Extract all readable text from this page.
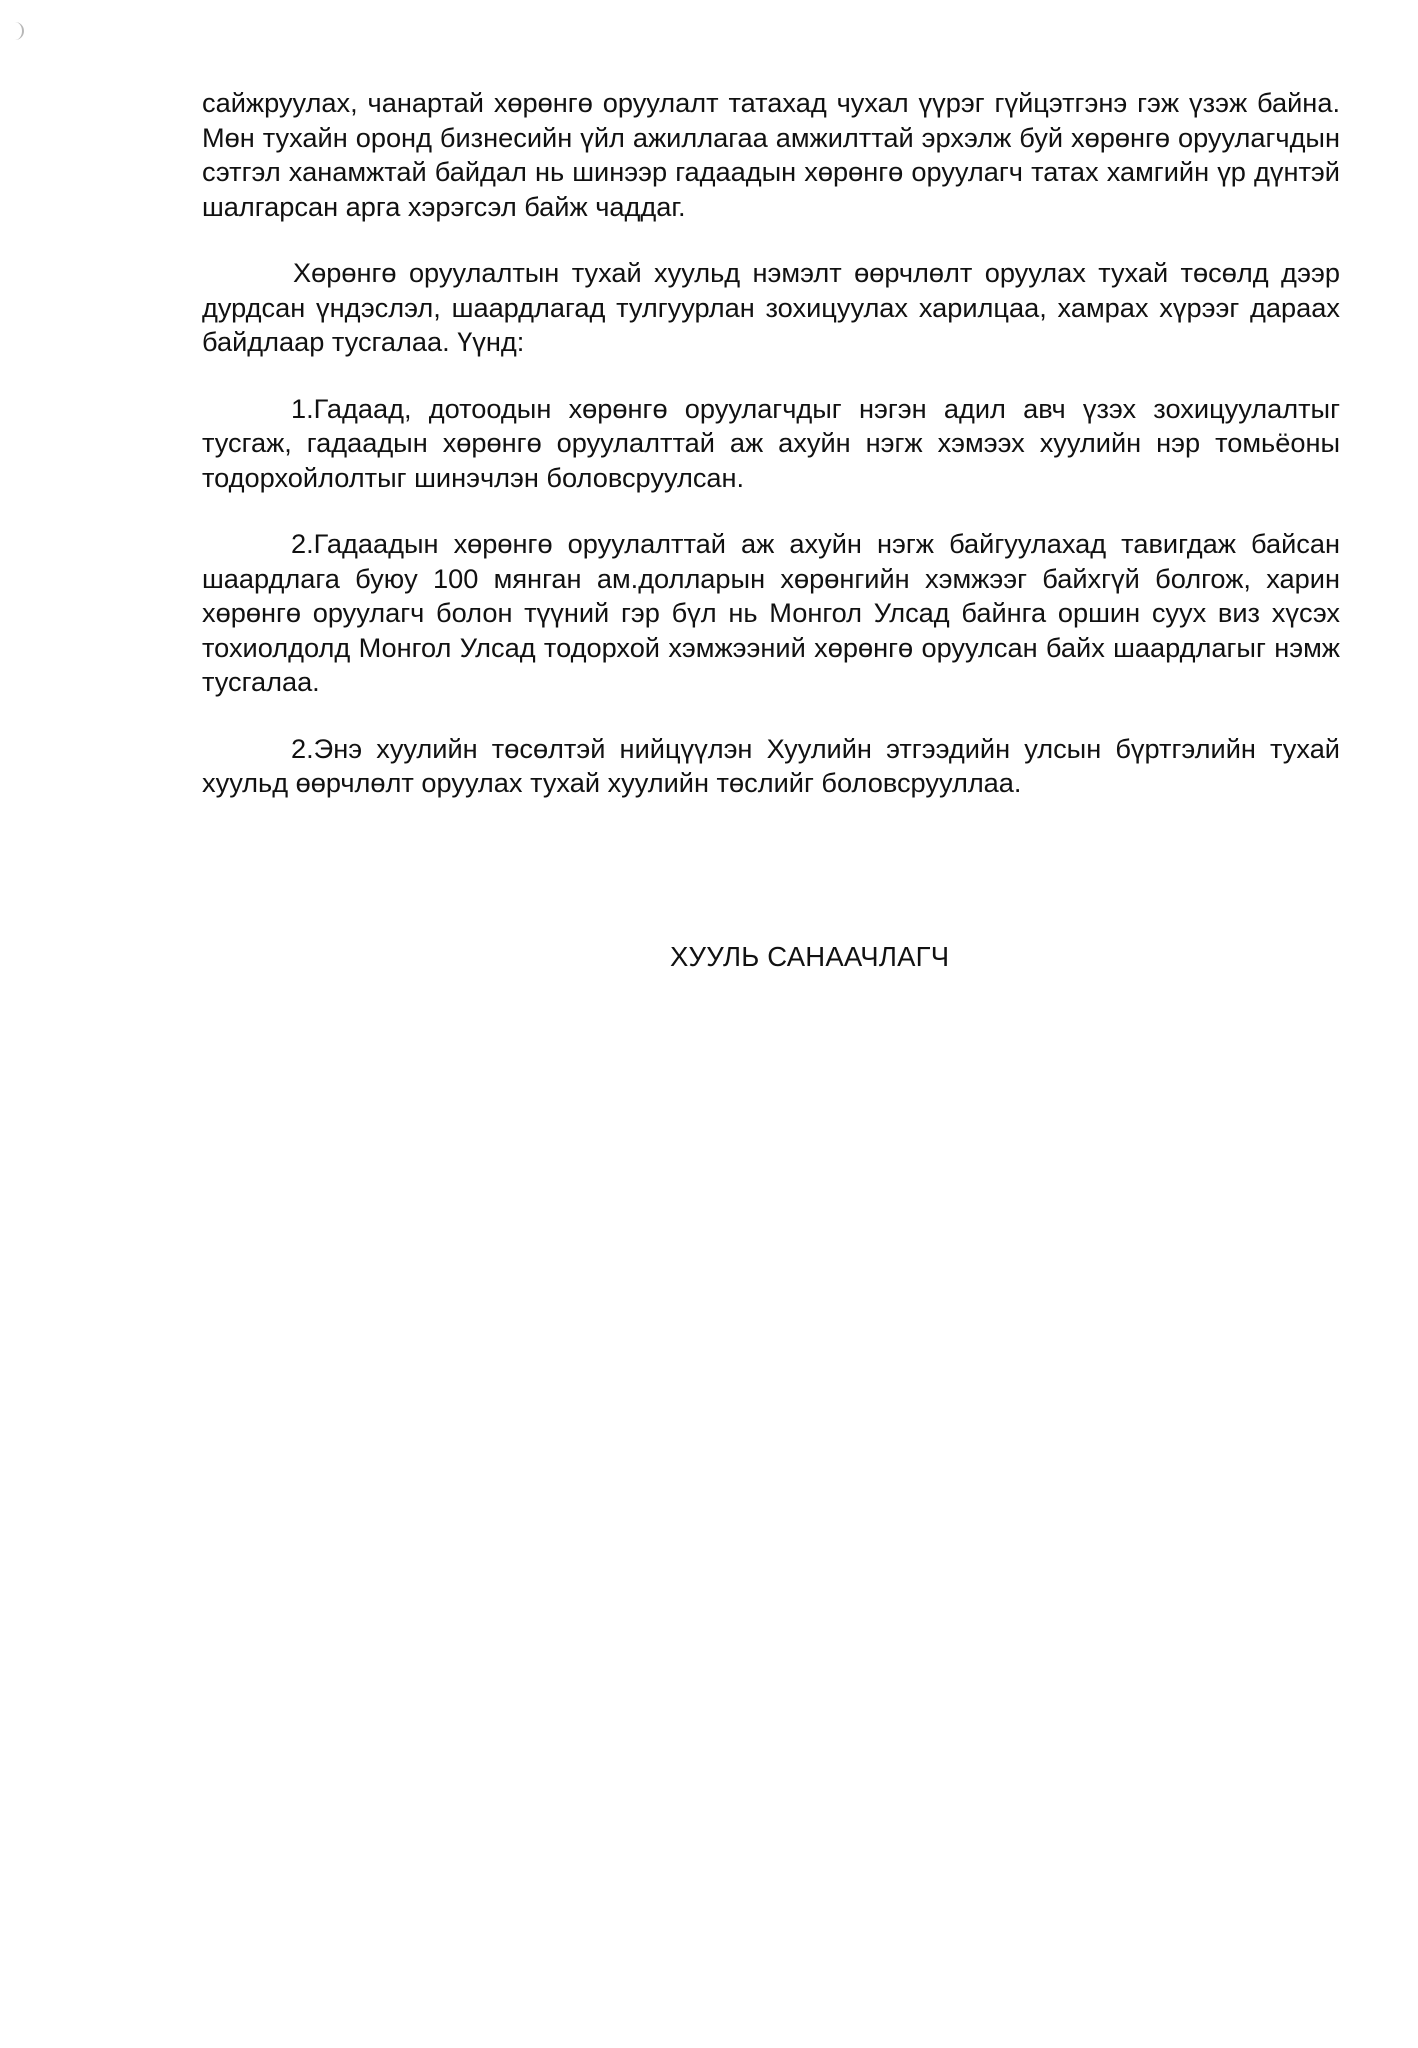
сайжруулах, чанартай хөрөнгө оруулалт татахад чухал үүрэг гүйцэтгэнэ гэж үзэж байна. Мөн тухайн оронд бизнесийн үйл ажиллагаа амжилттай эрхэлж буй хөрөнгө оруулагчдын сэтгэл ханамжтай байдал нь шинээр гадаадын хөрөнгө оруулагч татах хамгийн үр дүнтэй шалгарсан арга хэрэгсэл байж чаддаг.

Хөрөнгө оруулалтын тухай хуульд нэмэлт өөрчлөлт оруулах тухай төсөлд дээр дурдсан үндэслэл, шаардлагад тулгуурлан зохицуулах харилцаа, хамрах хүрээг дараах байдлаар тусгалаа. Үүнд:

1.Гадаад, дотоодын хөрөнгө оруулагчдыг нэгэн адил авч үзэх зохицуулалтыг тусгаж, гадаадын хөрөнгө оруулалттай аж ахуйн нэгж хэмээх хуулийн нэр томьёоны тодорхойлолтыг шинэчлэн боловсруулсан.

2.Гадаадын хөрөнгө оруулалттай аж ахуйн нэгж байгуулахад тавигдаж байсан шаардлага буюу 100 мянган ам.долларын хөрөнгийн хэмжээг байхгүй болгож, харин хөрөнгө оруулагч болон түүний гэр бүл нь Монгол Улсад байнга оршин суух виз хүсэх тохиолдолд Монгол Улсад тодорхой хэмжээний хөрөнгө оруулсан байх шаардлагыг нэмж тусгалаа.

2.Энэ хуулийн төсөлтэй нийцүүлэн Хуулийн этгээдийн улсын бүртгэлийн тухай хуульд өөрчлөлт оруулах тухай хуулийн төслийг боловсрууллаа.

ХУУЛЬ САНААЧЛАГЧ
